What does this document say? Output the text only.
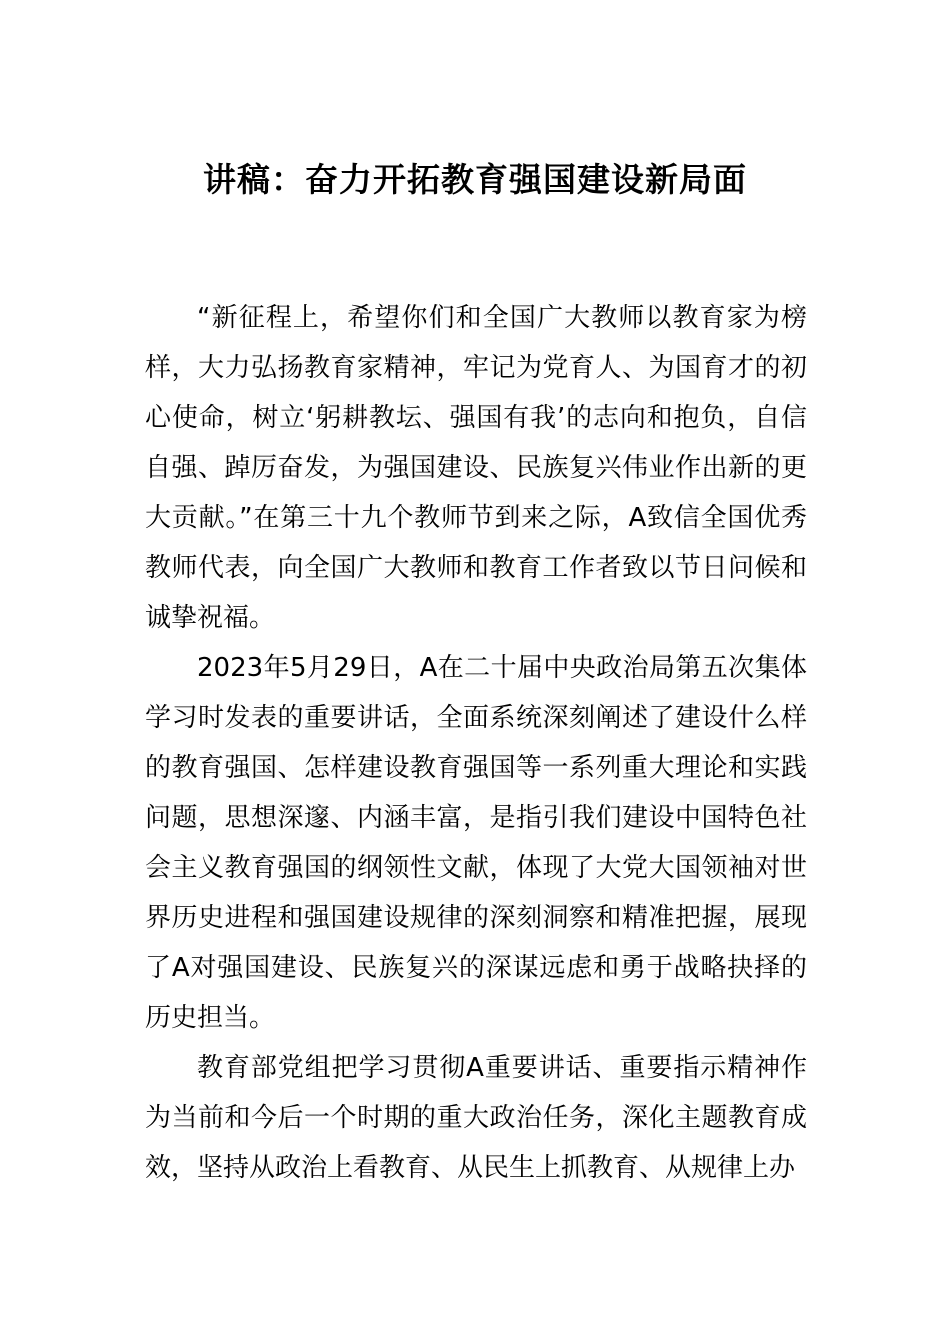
讲稿：奋力开拓教育强国建设新局面

“新征程上，希望你们和全国广大教师以教育家为榜样，大力弘扬教育家精神，牢记为党育人、为国育才的初心使命，树立‘躬耕教坛、强国有我’的志向和抱负，自信自强、踔厉奋发，为强国建设、民族复兴伟业作出新的更大贡献。”在第三十九个教师节到来之际，A致信全国优秀教师代表，向全国广大教师和教育工作者致以节日问候和诚挚祝福。

2023年5月29日，A在二十届中央政治局第五次集体学习时发表的重要讲话，全面系统深刻阐述了建设什么样的教育强国、怎样建设教育强国等一系列重大理论和实践问题，思想深邃、内涵丰富，是指引我们建设中国特色社会主义教育强国的纲领性文献，体现了大党大国领袖对世界历史进程和强国建设规律的深刻洞察和精准把握，展现了A对强国建设、民族复兴的深谋远虑和勇于战略抉择的历史担当。

教育部党组把学习贯彻A重要讲话、重要指示精神作为当前和今后一个时期的重大政治任务，深化主题教育成效，坚持从政治上看教育、从民生上抓教育、从规律上办
